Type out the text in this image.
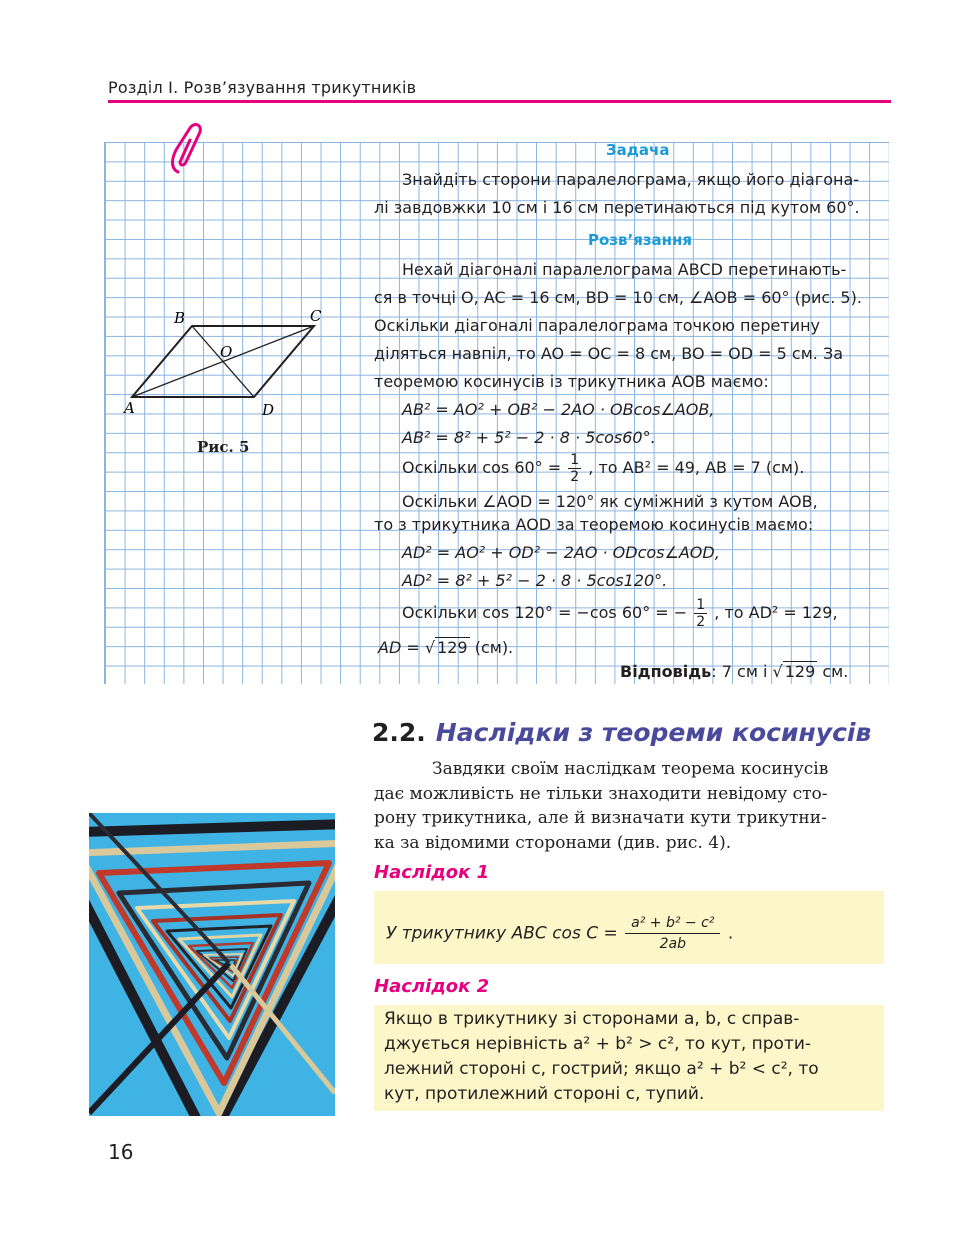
Розділ І. Розв’язування трикутників
Задача
Знайдіть сторони паралелограма, якщо його діагона-
лі завдовжки 10 см і 16 см перетинаються під кутом 60°.
Розв’язання
Нехай діагоналі паралелограма ABCD перетинають-
ся в точці O, AC = 16 см, BD = 10 см, ∠AOB = 60° (рис. 5).
Оскільки діагоналі паралелограма точкою перетину
діляться навпіл, то AO = OC = 8 см, BO = OD = 5 см. За
теоремою косинусів із трикутника AOB маємо:
AB² = AO² + OB² − 2AO · OBcos∠AOB,
AB² = 8² + 5² − 2 · 8 · 5cos60°.
Оскільки $\cos 60^\circ = \frac{1}{2}$ , то AB² = 49, AB = 7 (см).
Оскільки ∠AOD = 120° як суміжний з кутом AOB,
то з трикутника AOD за теоремою косинусів маємо:
AD² = AO² + OD² − 2AO · ODcos∠AOD,
AD² = 8² + 5² − 2 · 8 · 5cos120°.
Оскільки cos 120° = −cos 60° = − $\frac{1}{2}$ , то AD² = 129,
AD = √ 129 (см).
Відповідь: 7 см і √ 129 см.
A
B	C
D
O
Рис. 5
2.2. Наслідки з теореми косинусів
Завдяки своїм наслідкам теорема косинусів
дає можливість не тільки знаходити невідому сто-
рону трикутника, але й визначати кути трикутни-
ка за відомими сторонами (див. рис. 4).
Наслідок 1
У трикутнику ABC $\cos C = \frac{\text{a² + b² − c²}}{2ab}$ .
Наслідок 2
Якщо в трикутнику зі сторонами a, b, c справ-
джується нерівність a² + b² > c², то кут, проти-
лежний стороні c, гострий; якщо a² + b² < c², то
кут, протилежний стороні c, тупий.
16
